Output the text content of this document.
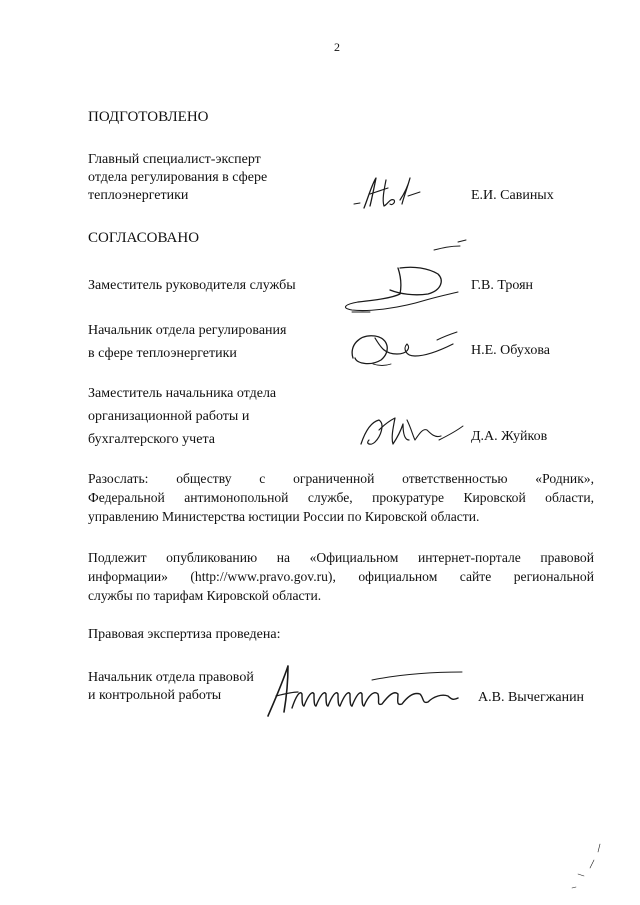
2
ПОДГОТОВЛЕНО
Главный специалист-эксперт
отдела регулирования в сфере
теплоэнергетики	Е.И. Савиных
СОГЛАСОВАНО
Заместитель руководителя службы	Г.В. Троян
Начальник отдела регулирования
в сфере теплоэнергетики	Н.Е. Обухова
Заместитель начальника отдела
организационной работы и
бухгалтерского учета	Д.А. Жуйков
Разослать: обществу с ограниченной ответственностью «Родник»,
Федеральной антимонопольной службе, прокуратуре Кировской области,
управлению Министерства юстиции России по Кировской области.
Подлежит опубликованию на «Официальном интернет-портале правовой
информации» (http://www.pravo.gov.ru), официальном сайте региональной
службы по тарифам Кировской области.
Правовая экспертиза проведена:
Начальник отдела правовой
и контрольной работы	А.В. Вычегжанин
